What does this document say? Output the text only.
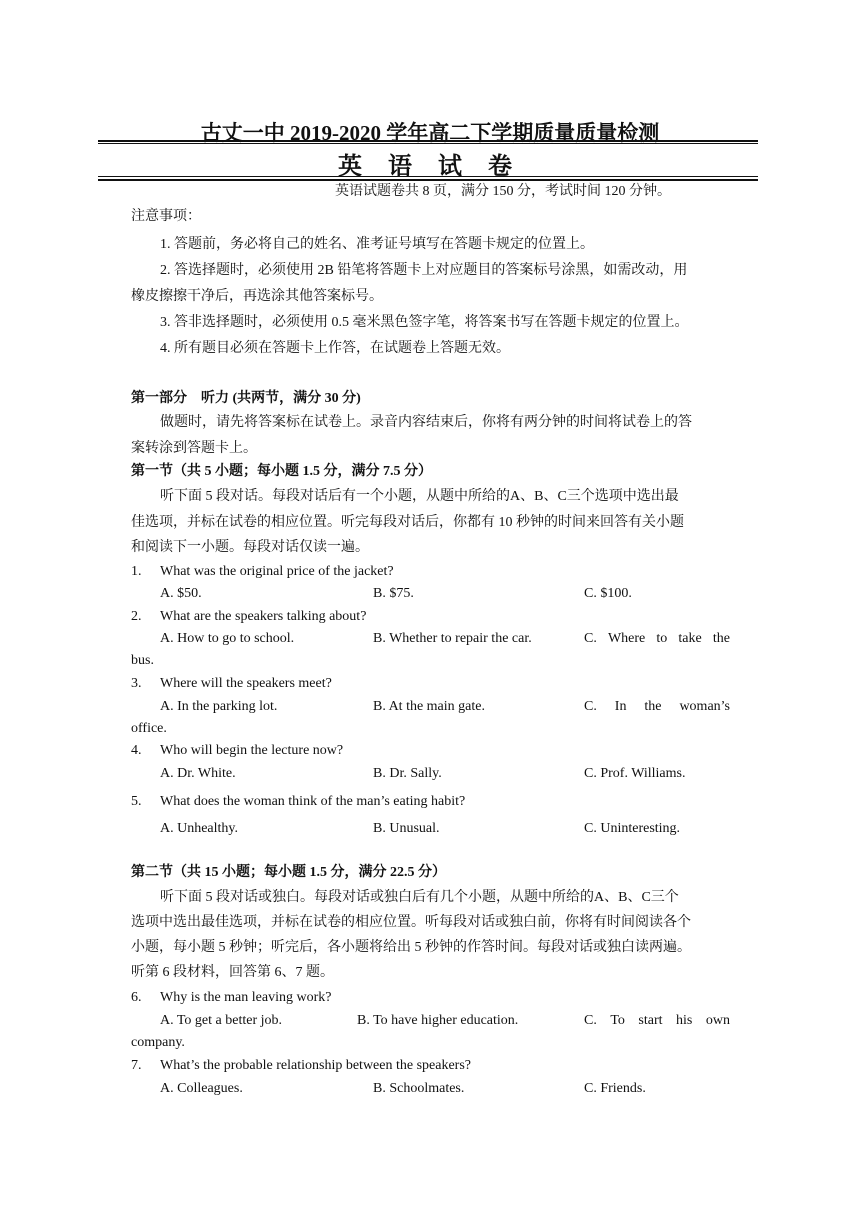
古丈一中 2019-2020 学年高二下学期质量质量检测
英 语 试 卷
英语试题卷共 8 页，满分 150 分，考试时间 120 分钟。
注意事项：
1. 答题前，务必将自己的姓名、准考证号填写在答题卡规定的位置上。
2. 答选择题时，必须使用 2B 铅笔将答题卡上对应题目的答案标号涂黑，如需改动，用
橡皮擦擦干净后，再选涂其他答案标号。
3. 答非选择题时，必须使用 0.5 毫米黑色签字笔，将答案书写在答题卡规定的位置上。
4. 所有题目必须在答题卡上作答，在试题卷上答题无效。
第一部分　听力 (共两节，满分 30 分)
做题时，请先将答案标在试卷上。录音内容结束后，你将有两分钟的时间将试卷上的答
案转涂到答题卡上。
第一节（共 5 小题；每小题 1.5 分，满分 7.5 分）
听下面 5 段对话。每段对话后有一个小题，从题中所给的A、B、C三个选项中选出最
佳选项，并标在试卷的相应位置。听完每段对话后，你都有 10 秒钟的时间来回答有关小题
和阅读下一小题。每段对话仅读一遍。
1. What was the original price of the jacket?
A. $50.	B. $75.	C. $100.
2. What are the speakers talking about?
A. How to go to school.	B. Whether to repair the car.	C. Where to take the
bus.
3. Where will the speakers meet?
A. In the parking lot.	B. At the main gate.	C. In the woman’s
office.
4. Who will begin the lecture now?
A. Dr. White.	B. Dr. Sally.	C. Prof. Williams.
5. What does the woman think of the man’s eating habit?
A. Unhealthy.	B. Unusual.	C. Uninteresting.
第二节（共 15 小题；每小题 1.5 分，满分 22.5 分）
听下面 5 段对话或独白。每段对话或独白后有几个小题，从题中所给的A、B、C三个
选项中选出最佳选项，并标在试卷的相应位置。听每段对话或独白前，你将有时间阅读各个
小题，每小题 5 秒钟；听完后，各小题将给出 5 秒钟的作答时间。每段对话或独白读两遍。
听第 6 段材料，回答第 6、7 题。
6. Why is the man leaving work?
A. To get a better job.	B. To have higher education.	C. To start his own
company.
7. What’s the probable relationship between the speakers?
A. Colleagues.	B. Schoolmates.	C. Friends.
